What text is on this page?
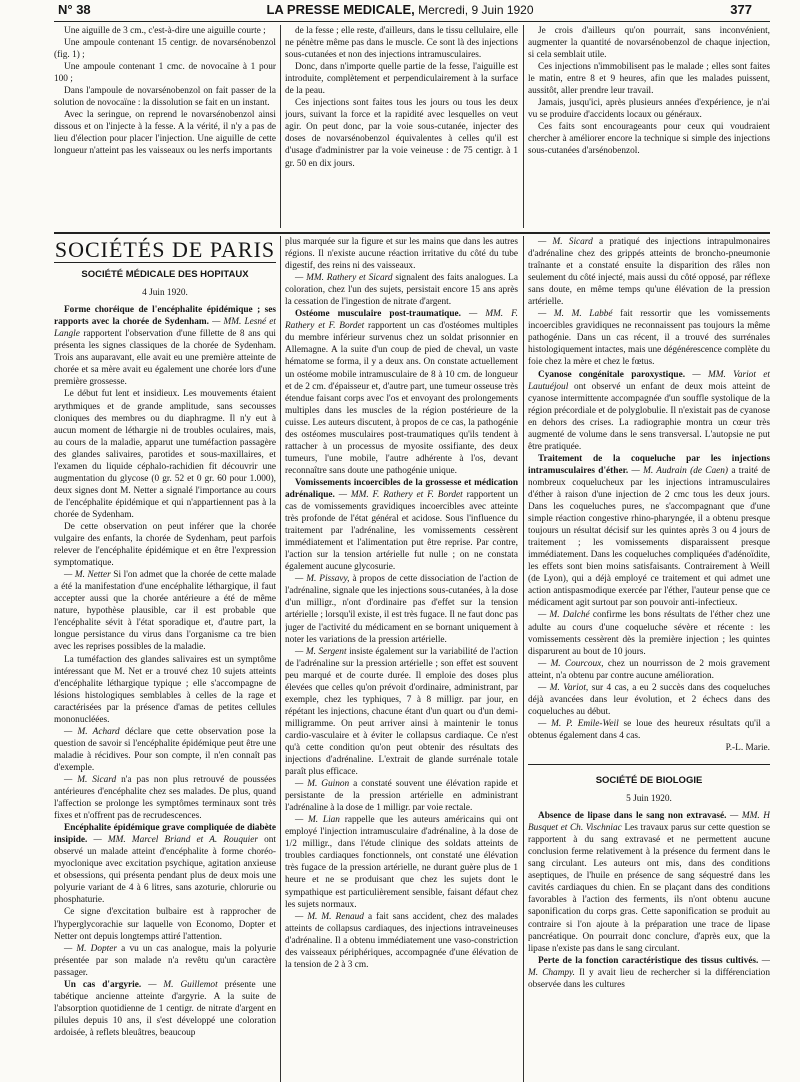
N° 38	LA PRESSE MEDICALE, Mercredi, 9 Juin 1920	377

Une aiguille de 3 cm., c'est-à-dire une aiguille courte ;

Une ampoule contenant 15 centigr. de novarsénobenzol (fig. 1) ;

Une ampoule contenant 1 cmc. de novocaïne à 1 pour 100 ;

Dans l'ampoule de novarsénobenzol on fait passer de la solution de novocaïne : la dissolution se fait en un instant.

Avec la seringue, on reprend le novarsénobenzol ainsi dissous et on l'injecte à la fesse. A la vérité, il n'y a pas de lieu d'élection pour placer l'injection. Une aiguille de cette longueur n'atteint pas les vaisseaux ou les nerfs importants

de la fesse ; elle reste, d'ailleurs, dans le tissu cellulaire, elle ne pénètre même pas dans le muscle. Ce sont là des injections sous-cutanées et non des injections intramusculaires.

Donc, dans n'importe quelle partie de la fesse, l'aiguille est introduite, complètement et perpendiculairement à la surface de la peau.

Ces injections sont faites tous les jours ou tous les deux jours, suivant la force et la rapidité avec lesquelles on veut agir. On peut donc, par la voie sous-cutanée, injecter des doses de novarsénobenzol équivalentes à celles qu'il est d'usage d'administrer par la voie veineuse : de 75 centigr. à 1 gr. 50 en dix jours.

Je crois d'ailleurs qu'on pourrait, sans inconvénient, augmenter la quantité de novarsénobenzol de chaque injection, si cela semblait utile.

Ces injections n'immobilisent pas le malade ; elles sont faites le matin, entre 8 et 9 heures, afin que les malades puissent, aussitôt, aller prendre leur travail.

Jamais, jusqu'ici, après plusieurs années d'expérience, je n'ai vu se produire d'accidents locaux ou généraux.

Ces faits sont encourageants pour ceux qui voudraient chercher à améliorer encore la technique si simple des injections sous-cutanées d'arsénobenzol.

SOCIÉTÉS DE PARIS
SOCIÉTÉ MÉDICALE DES HOPITAUX

4 Juin 1920.

Forme choréique de l'encéphalite épidémique ; ses rapports avec la chorée de Sydenham. — MM. Lesné et Langle rapportent l'observation d'une fillette de 8 ans qui présenta les signes classiques de la chorée de Sydenham. Trois ans auparavant, elle avait eu une première atteinte de chorée et sa mère avait eu également une chorée lors d'une première grossesse.

Le début fut lent et insidieux. Les mouvements étaient arythmiques et de grande amplitude, sans secousses cloniques des membres ou du diaphragme. Il n'y eut à aucun moment de léthargie ni de troubles oculaires, mais, au cours de la maladie, apparut une tuméfaction passagère des glandes salivaires, parotides et sous-maxillaires, et l'examen du liquide céphalo-rachidien fit découvrir une augmentation du glycose (0 gr. 52 et 0 gr. 60 pour 1.000), deux signes dont M. Netter a signalé l'importance au cours de l'encéphalite épidémique et qui n'appartiennent pas à la chorée de Sydenham.

De cette observation on peut inférer que la chorée vulgaire des enfants, la chorée de Sydenham, peut parfois relever de l'encéphalite épidémique et en être l'expression symptomatique.

— M. Netter Si l'on admet que la chorée de cette malade a été la manifestation d'une encéphalite léthargique, il faut accepter aussi que la chorée antérieure a été de même nature, hypothèse plausible, car il est probable que l'encéphalite sévit à l'état sporadique et, d'autre part, la longue persistance du virus dans l'organisme ca tre bien avec les reprises possibles de la maladie.

La tuméfaction des glandes salivaires est un symptôme intéressant que M. Net er a trouvé chez 10 sujets atteints d'encéphalite léthargique typique ; elle s'accompagne de lésions histologiques semblables à celles de la rage et caractérisées par la présence d'amas de petites cellules mononucléées.

— M. Achard déclare que cette observation pose la question de savoir si l'encéphalite épidémique peut être une maladie à récidives. Pour son compte, il n'en connaît pas d'exemple.

— M. Sicard n'a pas non plus retrouvé de poussées antérieures d'encéphalite chez ses malades. De plus, quand l'affection se prolonge les symptômes terminaux sont très fixes et n'offrent pas de recrudescences.

Encéphalite épidémique grave compliquée de diabète insipide. — MM. Marcel Briand et A. Rouquier ont observé un malade atteint d'encéphalite à forme choréo-myoclonique avec excitation psychique, agitation anxieuse et obsessions, qui présenta pendant plus de deux mois une polyurie variant de 4 à 6 litres, sans azoturie, chlorurie ou phosphaturie.

Ce signe d'excitation bulbaire est à rapprocher de l'hyperglycorachie sur laquelle von Economo, Dopter et Netter ont depuis longtemps attiré l'attention.

— M. Dopter a vu un cas analogue, mais la polyurie présentée par son malade n'a revêtu qu'un caractère passager.

Un cas d'argyrie. — M. Guillemot présente une tabétique ancienne atteinte d'argyrie. A la suite de l'absorption quotidienne de 1 centigr. de nitrate d'argent en pilules depuis 10 ans, il s'est développé une coloration ardoisée, à reflets bleuâtres, beaucoup

plus marquée sur la figure et sur les mains que dans les autres régions. Il n'existe aucune réaction irritative du côté du tube digestif, des reins ni des vaisseaux.

— MM. Rathery et Sicard signalent des faits analogues. La coloration, chez l'un des sujets, persistait encore 15 ans après la cessation de l'ingestion de nitrate d'argent.

Ostéome musculaire post-traumatique. — MM. F. Rathery et F. Bordet rapportent un cas d'ostéomes multiples du membre inférieur survenus chez un soldat prisonnier en Allemagne. A la suite d'un coup de pied de cheval, un vaste hématome se forma, il y a deux ans. On constate actuellement un ostéome mobile intramusculaire de 8 à 10 cm. de longueur et de 2 cm. d'épaisseur et, d'autre part, une tumeur osseuse très étendue faisant corps avec l'os et envoyant des prolongements multiples dans les muscles de la région postérieure de la cuisse. Les auteurs discutent, à propos de ce cas, la pathogénie des ostéomes musculaires post-traumatiques qu'ils tendent à rattacher à un processus de myosite ossifiante, des deux tumeurs, l'une mobile, l'autre adhérente à l'os, devant reconnaître sans doute une pathogénie unique.

Vomissements incoercibles de la grossesse et médication adrénalique. — MM. F. Rathery et F. Bordet rapportent un cas de vomissements gravidiques incoercibles avec atteinte très profonde de l'état général et acidose. Sous l'influence du traitement par l'adrénaline, les vomissements cessèrent immédiatement et l'alimentation put être reprise. Par contre, l'action sur la tension artérielle fut nulle ; on ne constata également aucune glycosurie.

— M. Pissavy, à propos de cette dissociation de l'action de l'adrénaline, signale que les injections sous-cutanées, à la dose d'un milligr., n'ont d'ordinaire pas d'effet sur la tension artérielle ; lorsqu'il existe, il est très fugace. Il ne faut donc pas juger de l'activité du médicament en se bornant uniquement à noter les variations de la pression artérielle.

— M. Sergent insiste également sur la variabilité de l'action de l'adrénaline sur la pression artérielle ; son effet est souvent peu marqué et de courte durée. Il emploie des doses plus élevées que celles qu'on prévoit d'ordinaire, administrant, par exemple, chez les typhiques, 7 à 8 milligr. par jour, en répétant les injections, chacune étant d'un quart ou d'un demi-milligramme. On peut arriver ainsi à maintenir le tonus cardio-vasculaire et à éviter le collapsus cardiaque. Ce n'est qu'à cette condition qu'on peut obtenir des résultats des injections d'adrénaline. L'extrait de glande surrénale totale paraît plus efficace.

— M. Guinon a constaté souvent une élévation rapide et persistante de la pression artérielle en administrant l'adrénaline à la dose de 1 milligr. par voie rectale.

— M. Lian rappelle que les auteurs américains qui ont employé l'injection intramusculaire d'adrénaline, à la dose de 1/2 milligr., dans l'étude clinique des soldats atteints de troubles cardiaques fonctionnels, ont constaté une élévation très fugace de la pression artérielle, ne durant guère plus de 1 heure et ne se produisant que chez les sujets dont le sympathique est particulièrement sensible, faisant défaut chez les sujets normaux.

— M. M. Renaud a fait sans accident, chez des malades atteints de collapsus cardiaques, des injections intraveineuses d'adrénaline. Il a obtenu immédiatement une vaso-constriction des vaisseaux périphériques, accompagnée d'une élévation de la tension de 2 à 3 cm.

— M. Sicard a pratiqué des injections intrapulmonaires d'adrénaline chez des grippés atteints de broncho-pneumonie traînante et a constaté ensuite la disparition des râles non seulement du côté injecté, mais aussi du côté opposé, par réflexe sans doute, en même temps qu'une élévation de la pression artérielle.

— M. M. Labbé fait ressortir que les vomissements incoercibles gravidiques ne reconnaissent pas toujours la même pathogénie. Dans un cas récent, il a trouvé des surrénales histologiquement intactes, mais une dégénérescence complète du foie chez la mère et chez le fœtus.

Cyanose congénitale paroxystique. — MM. Variot et Lautuéjoul ont observé un enfant de deux mois atteint de cyanose intermittente accompagnée d'un souffle systolique de la région précordiale et de polyglobulie. Il n'existait pas de cyanose en dehors des crises. La radiographie montra un cœur très augmenté de volume dans le sens transversal. L'autopsie ne put être pratiquée.

Traitement de la coqueluche par les injections intramusculaires d'éther. — M. Audrain (de Caen) a traité de nombreux coquelucheux par les injections intramusculaires d'éther à raison d'une injection de 2 cmc tous les deux jours. Dans les coqueluches pures, ne s'accompagnant que d'une simple réaction congestive rhino-pharyngée, il a obtenu presque toujours un résultat décisif sur les quintes après 3 ou 4 jours de traitement ; les vomissements disparaissent presque immédiatement. Dans les coqueluches compliquées d'adénoïdite, les effets sont bien moins satisfaisants. Contrairement à Weill (de Lyon), qui a déjà employé ce traitement et qui admet une action antispasmodique exercée par l'éther, l'auteur pense que ce médicament agit surtout par son pouvoir anti-infectieux.

— M. Dalché confirme les bons résultats de l'éther chez une adulte au cours d'une coqueluche sévère et récente : les vomissements cessèrent dès la première injection ; les quintes disparurent au bout de 10 jours.

— M. Courcoux, chez un nourrisson de 2 mois gravement atteint, n'a obtenu par contre aucune amélioration.

— M. Variot, sur 4 cas, a eu 2 succès dans des coqueluches déjà avancées dans leur évolution, et 2 échecs dans des coqueluches au début.

— M. P. Emile-Weil se loue des heureux résultats qu'il a obtenus également dans 4 cas.

P.-L. Marie.

SOCIÉTÉ DE BIOLOGIE

5 Juin 1920.

Absence de lipase dans le sang non extravasé. — MM. H Busquet et Ch. Vischniac Les travaux parus sur cette question se rapportent à du sang extravasé et ne permettent aucune conclusion ferme relativement à la présence du ferment dans le sang circulant. Les auteurs ont mis, dans des conditions aseptiques, de l'huile en présence de sang séquestré dans les cavités cardiaques du chien. En se plaçant dans des conditions favorables à l'action des ferments, ils n'ont obtenu aucune saponification du corps gras. Cette saponification se produit au contraire si l'on ajoute à la préparation une trace de lipase pancréatique. On pourrait donc conclure, d'après eux, que la lipase n'existe pas dans le sang circulant.

Perte de la fonction caractéristique des tissus cultivés. — M. Champy. Il y avait lieu de rechercher si la différenciation observée dans les cultures
